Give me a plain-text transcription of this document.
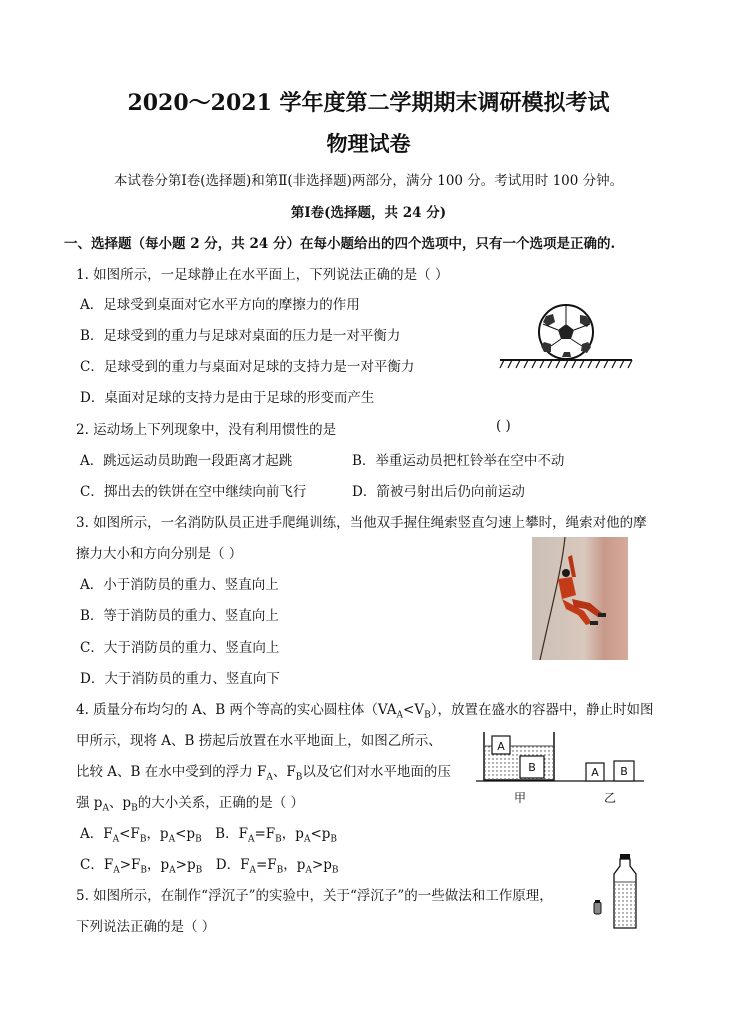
2020～2021 学年度第二学期期末调研模拟考试
物理试卷
本试卷分第Ⅰ卷(选择题)和第Ⅱ(非选择题)两部分，满分 100 分。考试用时 100 分钟。
第Ⅰ卷(选择题，共 24 分)
一、选择题（每小题 2 分，共 24 分）在每小题给出的四个选项中，只有一个选项是正确的.
1. 如图所示，一足球静止在水平面上，下列说法正确的是（ ）
A．足球受到桌面对它水平方向的摩擦力的作用
B．足球受到的重力与足球对桌面的压力是一对平衡力
C．足球受到的重力与桌面对足球的支持力是一对平衡力
D．桌面对足球的支持力是由于足球的形变而产生
2. 运动场上下列现象中，没有利用惯性的是	( )
A．跳远运动员助跑一段距离才起跳	B．举重运动员把杠铃举在空中不动
C．掷出去的铁饼在空中继续向前飞行	D．箭被弓射出后仍向前运动
3. 如图所示，一名消防队员正进手爬绳训练，当他双手握住绳索竖直匀速上攀时，绳索对他的摩
擦力大小和方向分别是（ ）
A．小于消防员的重力、竖直向上
B．等于消防员的重力、竖直向上
C．大于消防员的重力、竖直向上
D．大于消防员的重力、竖直向下
4. 质量分布均匀的 A、B 两个等高的实心圆柱体$(VA_A<V_B)$，放置在盛水的容器中，静止时如图
甲所示，现将 A、B 捞起后放置在水平地面上，如图乙所示、
比较 A、B 在水中受到的浮力 $F_A$、$F_B$以及它们对水平地面的压
强 $p_A$、$p_B$的大小关系，正确的是（ ）
A．$F_A<F_B$，$p_A<p_B$　B．$F_A=F_B$，$p_A<p_B$
C．$F_A>F_B$，$p_A>p_B$　D．$F_A=F_B$，$p_A>p_B$
A
B	A B
甲	乙
5. 如图所示，在制作“浮沉子”的实验中，关于“浮沉子”的一些做法和工作原理，
下列说法正确的是（ ）
